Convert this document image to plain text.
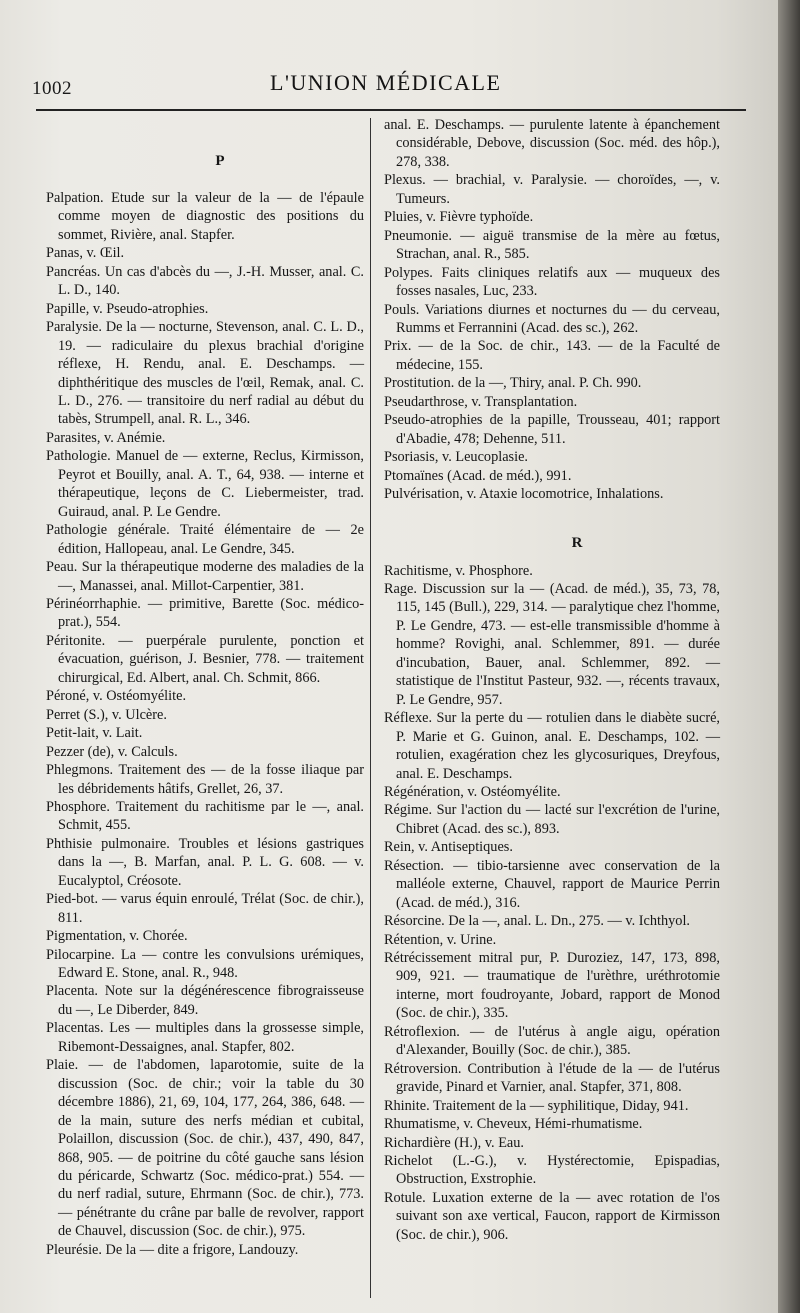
1002	L'UNION MÉDICALE
P

Palpation. Etude sur la valeur de la — de l'épaule comme moyen de diagnostic des positions du sommet, Rivière, anal. Stapfer.

Panas, v. Œil.

Pancréas. Un cas d'abcès du —, J.-H. Musser, anal. C. L. D., 140.

Papille, v. Pseudo-atrophies.

Paralysie. De la — nocturne, Stevenson, anal. C. L. D., 19. — radiculaire du plexus brachial d'origine réflexe, H. Rendu, anal. E. Deschamps. — diphthéritique des muscles de l'œil, Remak, anal. C. L. D., 276. — transitoire du nerf radial au début du tabès, Strumpell, anal. R. L., 346.

Parasites, v. Anémie.

Pathologie. Manuel de — externe, Reclus, Kirmisson, Peyrot et Bouilly, anal. A. T., 64, 938. — interne et thérapeutique, leçons de C. Liebermeister, trad. Guiraud, anal. P. Le Gendre.

Pathologie générale. Traité élémentaire de — 2e édition, Hallopeau, anal. Le Gendre, 345.

Peau. Sur la thérapeutique moderne des maladies de la —, Manassei, anal. Millot-Carpentier, 381.

Périnéorrhaphie. — primitive, Barette (Soc. médico-prat.), 554.

Péritonite. — puerpérale purulente, ponction et évacuation, guérison, J. Besnier, 778. — traitement chirurgical, Ed. Albert, anal. Ch. Schmit, 866.

Péroné, v. Ostéomyélite.

Perret (S.), v. Ulcère.

Petit-lait, v. Lait.

Pezzer (de), v. Calculs.

Phlegmons. Traitement des — de la fosse iliaque par les débridements hâtifs, Grellet, 26, 37.

Phosphore. Traitement du rachitisme par le —, anal. Schmit, 455.

Phthisie pulmonaire. Troubles et lésions gastriques dans la —, B. Marfan, anal. P. L. G. 608. — v. Eucalyptol, Créosote.

Pied-bot. — varus équin enroulé, Trélat (Soc. de chir.), 811.

Pigmentation, v. Chorée.

Pilocarpine. La — contre les convulsions urémiques, Edward E. Stone, anal. R., 948.

Placenta. Note sur la dégénérescence fibrograisseuse du —, Le Diberder, 849.

Placentas. Les — multiples dans la grossesse simple, Ribemont-Dessaignes, anal. Stapfer, 802.

Plaie. — de l'abdomen, laparotomie, suite de la discussion (Soc. de chir.; voir la table du 30 décembre 1886), 21, 69, 104, 177, 264, 386, 648. — de la main, suture des nerfs médian et cubital, Polaillon, discussion (Soc. de chir.), 437, 490, 847, 868, 905. — de poitrine du côté gauche sans lésion du péricarde, Schwartz (Soc. médico-prat.) 554. — du nerf radial, suture, Ehrmann (Soc. de chir.), 773. — pénétrante du crâne par balle de revolver, rapport de Chauvel, discussion (Soc. de chir.), 975.

Pleurésie. De la — dite a frigore, Landouzy.

anal. E. Deschamps. — purulente latente à épanchement considérable, Debove, discussion (Soc. méd. des hôp.), 278, 338.

Plexus. — brachial, v. Paralysie. — choroïdes, —, v. Tumeurs.

Pluies, v. Fièvre typhoïde.

Pneumonie. — aiguë transmise de la mère au fœtus, Strachan, anal. R., 585.

Polypes. Faits cliniques relatifs aux — muqueux des fosses nasales, Luc, 233.

Pouls. Variations diurnes et nocturnes du — du cerveau, Rumms et Ferrannini (Acad. des sc.), 262.

Prix. — de la Soc. de chir., 143. — de la Faculté de médecine, 155.

Prostitution. de la —, Thiry, anal. P. Ch. 990.

Pseudarthrose, v. Transplantation.

Pseudo-atrophies de la papille, Trousseau, 401; rapport d'Abadie, 478; Dehenne, 511.

Psoriasis, v. Leucoplasie.

Ptomaïnes (Acad. de méd.), 991.

Pulvérisation, v. Ataxie locomotrice, Inhalations.

R

Rachitisme, v. Phosphore.

Rage. Discussion sur la — (Acad. de méd.), 35, 73, 78, 115, 145 (Bull.), 229, 314. — paralytique chez l'homme, P. Le Gendre, 473. — est-elle transmissible d'homme à homme? Rovighi, anal. Schlemmer, 891. — durée d'incubation, Bauer, anal. Schlemmer, 892. — statistique de l'Institut Pasteur, 932. —, récents travaux, P. Le Gendre, 957.

Réflexe. Sur la perte du — rotulien dans le diabète sucré, P. Marie et G. Guinon, anal. E. Deschamps, 102. — rotulien, exagération chez les glycosuriques, Dreyfous, anal. E. Deschamps.

Régénération, v. Ostéomyélite.

Régime. Sur l'action du — lacté sur l'excrétion de l'urine, Chibret (Acad. des sc.), 893.

Rein, v. Antiseptiques.

Résection. — tibio-tarsienne avec conservation de la malléole externe, Chauvel, rapport de Maurice Perrin (Acad. de méd.), 316.

Résorcine. De la —, anal. L. Dn., 275. — v. Ichthyol.

Rétention, v. Urine.

Rétrécissement mitral pur, P. Duroziez, 147, 173, 898, 909, 921. — traumatique de l'urèthre, uréthrotomie interne, mort foudroyante, Jobard, rapport de Monod (Soc. de chir.), 335.

Rétroflexion. — de l'utérus à angle aigu, opération d'Alexander, Bouilly (Soc. de chir.), 385.

Rétroversion. Contribution à l'étude de la — de l'utérus gravide, Pinard et Varnier, anal. Stapfer, 371, 808.

Rhinite. Traitement de la — syphilitique, Diday, 941.

Rhumatisme, v. Cheveux, Hémi-rhumatisme.

Richardière (H.), v. Eau.

Richelot (L.-G.), v. Hystérectomie, Epispadias, Obstruction, Exstrophie.

Rotule. Luxation externe de la — avec rotation de l'os suivant son axe vertical, Faucon, rapport de Kirmisson (Soc. de chir.), 906.
